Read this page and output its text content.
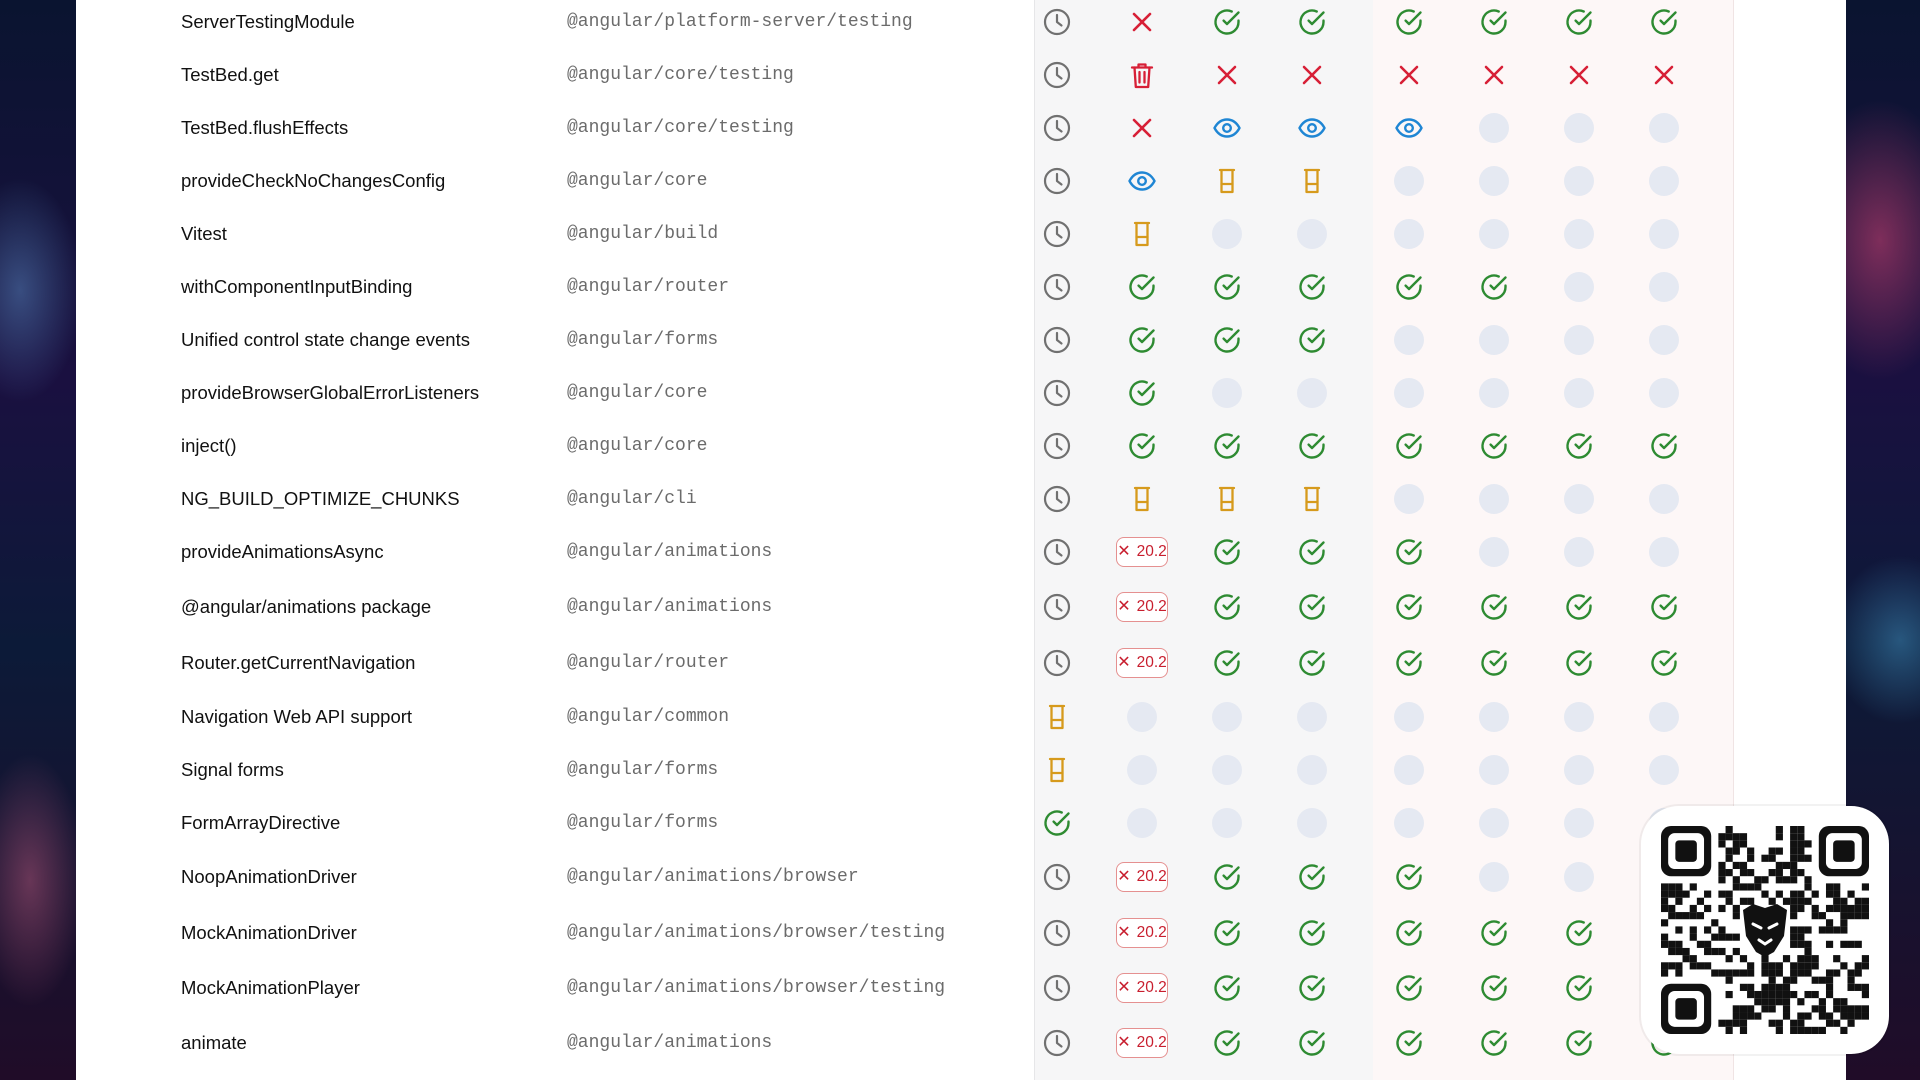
ServerTestingModule	@angular/platform-server/testing
TestBed.get	@angular/core/testing
TestBed.flushEffects	@angular/core/testing
provideCheckNoChangesConfig	@angular/core
Vitest	@angular/build
withComponentInputBinding	@angular/router
Unified control state change events	@angular/forms
provideBrowserGlobalErrorListeners	@angular/core
inject()	@angular/core
NG_BUILD_OPTIMIZE_CHUNKS	@angular/cli
provideAnimationsAsync	@angular/animations	✕ 20.2
@angular/animations package	@angular/animations	✕ 20.2
Router.getCurrentNavigation	@angular/router	✕ 20.2
Navigation Web API support	@angular/common
Signal forms	@angular/forms
FormArrayDirective	@angular/forms
NoopAnimationDriver	@angular/animations/browser	✕ 20.2
MockAnimationDriver	@angular/animations/browser/testing	✕ 20.2
MockAnimationPlayer	@angular/animations/browser/testing	✕ 20.2
animate	@angular/animations	✕ 20.2
